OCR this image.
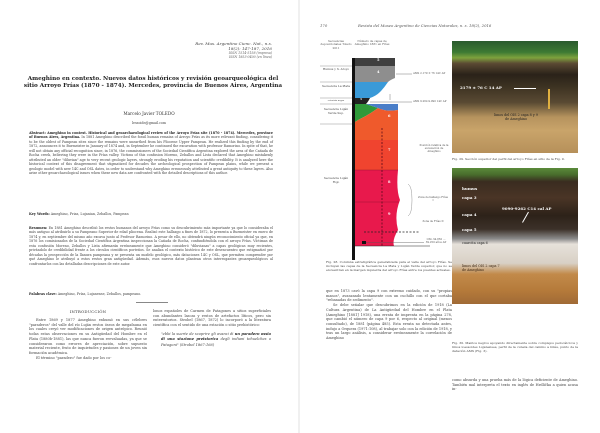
Rev. Mus. Argentino Cienc. Nat., n.s.
18(2): 147-187, 2016
ISSN 1514-5158 (impresa)
ISSN 1853-0400 (en línea)
Ameghino en contexto. Nuevos datos históricos y revisión geoarqueológica del sitio Arroyo Frías (1870 - 1874). Mercedes, provincia de Buenos Aires, Argentina
Marcelo Javier TOLEDO
lessoide@gmail.com
Abstract: Ameghino in context. Historical and geoarchaeological review of the Arroyo Frías site (1870 - 1874). Mercedes, province of Buenos Aires, Argentina. In 1881 Ameghino described the fossil human remains of Arroyo Frías as its more relevant finding, considering it to be the oldest of Pampean sites since the remains were unearthed from his Pliocene Upper Pampean. He realized this finding by the end of 1872, announces it to Burmeister in January of 1874 and, in September he continued the excavation with professor Ramorino. In spite of that, he will not obtain any official recognition since, in 1876, the commissioners of the Sociedad Científica Argentina explored the area of the Cañada de Rocha creek, believing they were in the Frías valley. Victims of this confusion Moreno, Zeballos and Lista declared that Ameghino mistakenly attributed an older "diluvian" age to very recent geologic layers, strongly eroding his reputation and scientific credibility. It is analyzed here the historical context of this disagreement that stigmatized for decades the archeological prospection of Pampean plains, while we present a geologic model with new 14C and OSL dates, in order to understand why Ameghino erroneously attributed a great antiquity to these layers. Also arise other geoarchaeological issues when these new data are confronted with the detailed descriptions of this author.
Key Words: Ameghino, Frias, Lujanian, Zeballos, Pampean
Resumen: En 1881 Ameghino describió los restos humanos del arroyo Frías como su descubrimiento más importante ya que lo consideraba el más antiguo al atribuirlo a su Pampeano Superior de edad pliocena. Realizó este hallazgo a fines de 1872, lo presenta a Burmeister en enero de 1874 y, en septiembre del mismo año excava junto al Profesor Ramorino. A pesar de ello, no obtendrá ningún reconocimiento oficial ya que, en 1876 los comisionados de la Sociedad Científica Argentina inspeccionan la Cañada de Rocha, confundiéndola con el arroyo Frías. Víctimas de esta confusión Moreno, Zeballos y Lista afirmarán erróneamente que Ameghino consideró "diluvianas" a capas geológicas muy recientes, privándolo de credibilidad frente a los círculos científicos porteños. Se analiza el contexto histórico de este desencuentro que estigmatizó por décadas la prospección de la llanura pampeana y se presenta un modelo geológico, más dataciones 14C y OSL, que permiten comprender por qué Ameghino le atribuyó a estos restos gran antigüedad. Además, esos nuevos datos plantean otros interrogantes geoarqueológicos al confrontarlos con las detalladas descripciones de este autor.
Palabras clave: Ameghino, Frías, Lujanense, Zeballos, pampeano.
INTRODUCCIÓN

Entre 1869 y 1877 Ameghino exhumó en sus célebres "paraderos" del valle del río Luján restos óseos de megafauna en los cuales creyó ver modificaciones de origen antrópico. Reunió todas estas observaciones en su Antigüedad del Hombre en el Plata (1880b-1881), las que nunca fueron reevaluadas, ya que se consideraron como errores de apreciación, sobre supuesto material reciente, fruto de inquietudes y pasiones de un joven sin formación académica.

El término "paradero" fue dado por los co-

lonos españoles de Carmen de Patagones a sitios superficiales con abundantes lascas y restos de artefactos líticos, pero sin enterratorios. Strobel (1867, 1872) lo incorporó a la literatura científica con el sentido de una estación o sitio prehistórico:

"ebbi la suerte de scoprire gli avanzi di un paradero ossia di una stazione preistorica degli indiani tehuelches o Patagoni" (Strobel 1867:166)

170	Revista del Museo Argentino de Ciencias Naturales, n. s. 18(2), 2016
Secuencias deposicionales Toledo 2011
Número de capas de Ameghino 1881 en Frías
Humus y S. Aroyo
Secuencia La Plata
estación negra
Secuencia Luján Verde Sup.
Secuencia Luján Rojo
5
4
3
6
7
8
9
AMS 2.179 ± 76 14C AP
AMS 9.262-9.090 14C AP
Posición relativa de la excavación de Ameghino
Zona de hallazgo Frías I
Zona de Frías II
OSL 34.850 ... 39.250 años AP
Fig. 28. Columna estratigráfica generalizada para el valle del arroyo Frías. Se incluyen las capas de la Secuencia La Plata y Luján Verde superior, que no se encuentran en la margen izquierda del arroyo Frías entre los puentes actuales.

que en 1873 cavó la capa 9 con extremo cuidado, con su "propias manos", avanzando lentamente con un cuchillo con el que cortaba "rebanadas de sedimento".

Se debe señalar que descubrimos en la edición de 1918 (La Cultura Argentina) de La Antigüedad del Hombre en el Plata (Ameghino [1881] 1918), una errata de imprenta en la página 278, que cambió el número de capa 9 por 6, respecto al original (menos consultado), de 1881 (página 485). Esta errata no detectada antes, indujo a Orquera (1971:108), al trabajar solo con la edición de 1918, y tras un largo análisis, a considerar erróneamente la correlación de Ameghino

2179 ± 76 C 14 AP
limos del OIS 2 capa 8 y 9 de Ameghino
Fig. 29. Sección superior del perfil del arroyo Frías en sitio de la Fig. 9.
humus
capa 3
capa 4
capa 5
cuarcita capa 6
limos del OIS 2 capa 7 de Ameghino
9090-9262 C14 cal AP
Fig. 30. Mantos negros apoyando directamente sobre complejos pedocálcicos y limos loessoides Lujanenses, perfil de la cuneta del camino a Gilés, punto de la datación AMS (Fig. 3).
como absurda y una prueba más de la lógica deficiente de Ameghino. También mal interpreta el texto en inglés de Hrdlička a quien acusa in-
